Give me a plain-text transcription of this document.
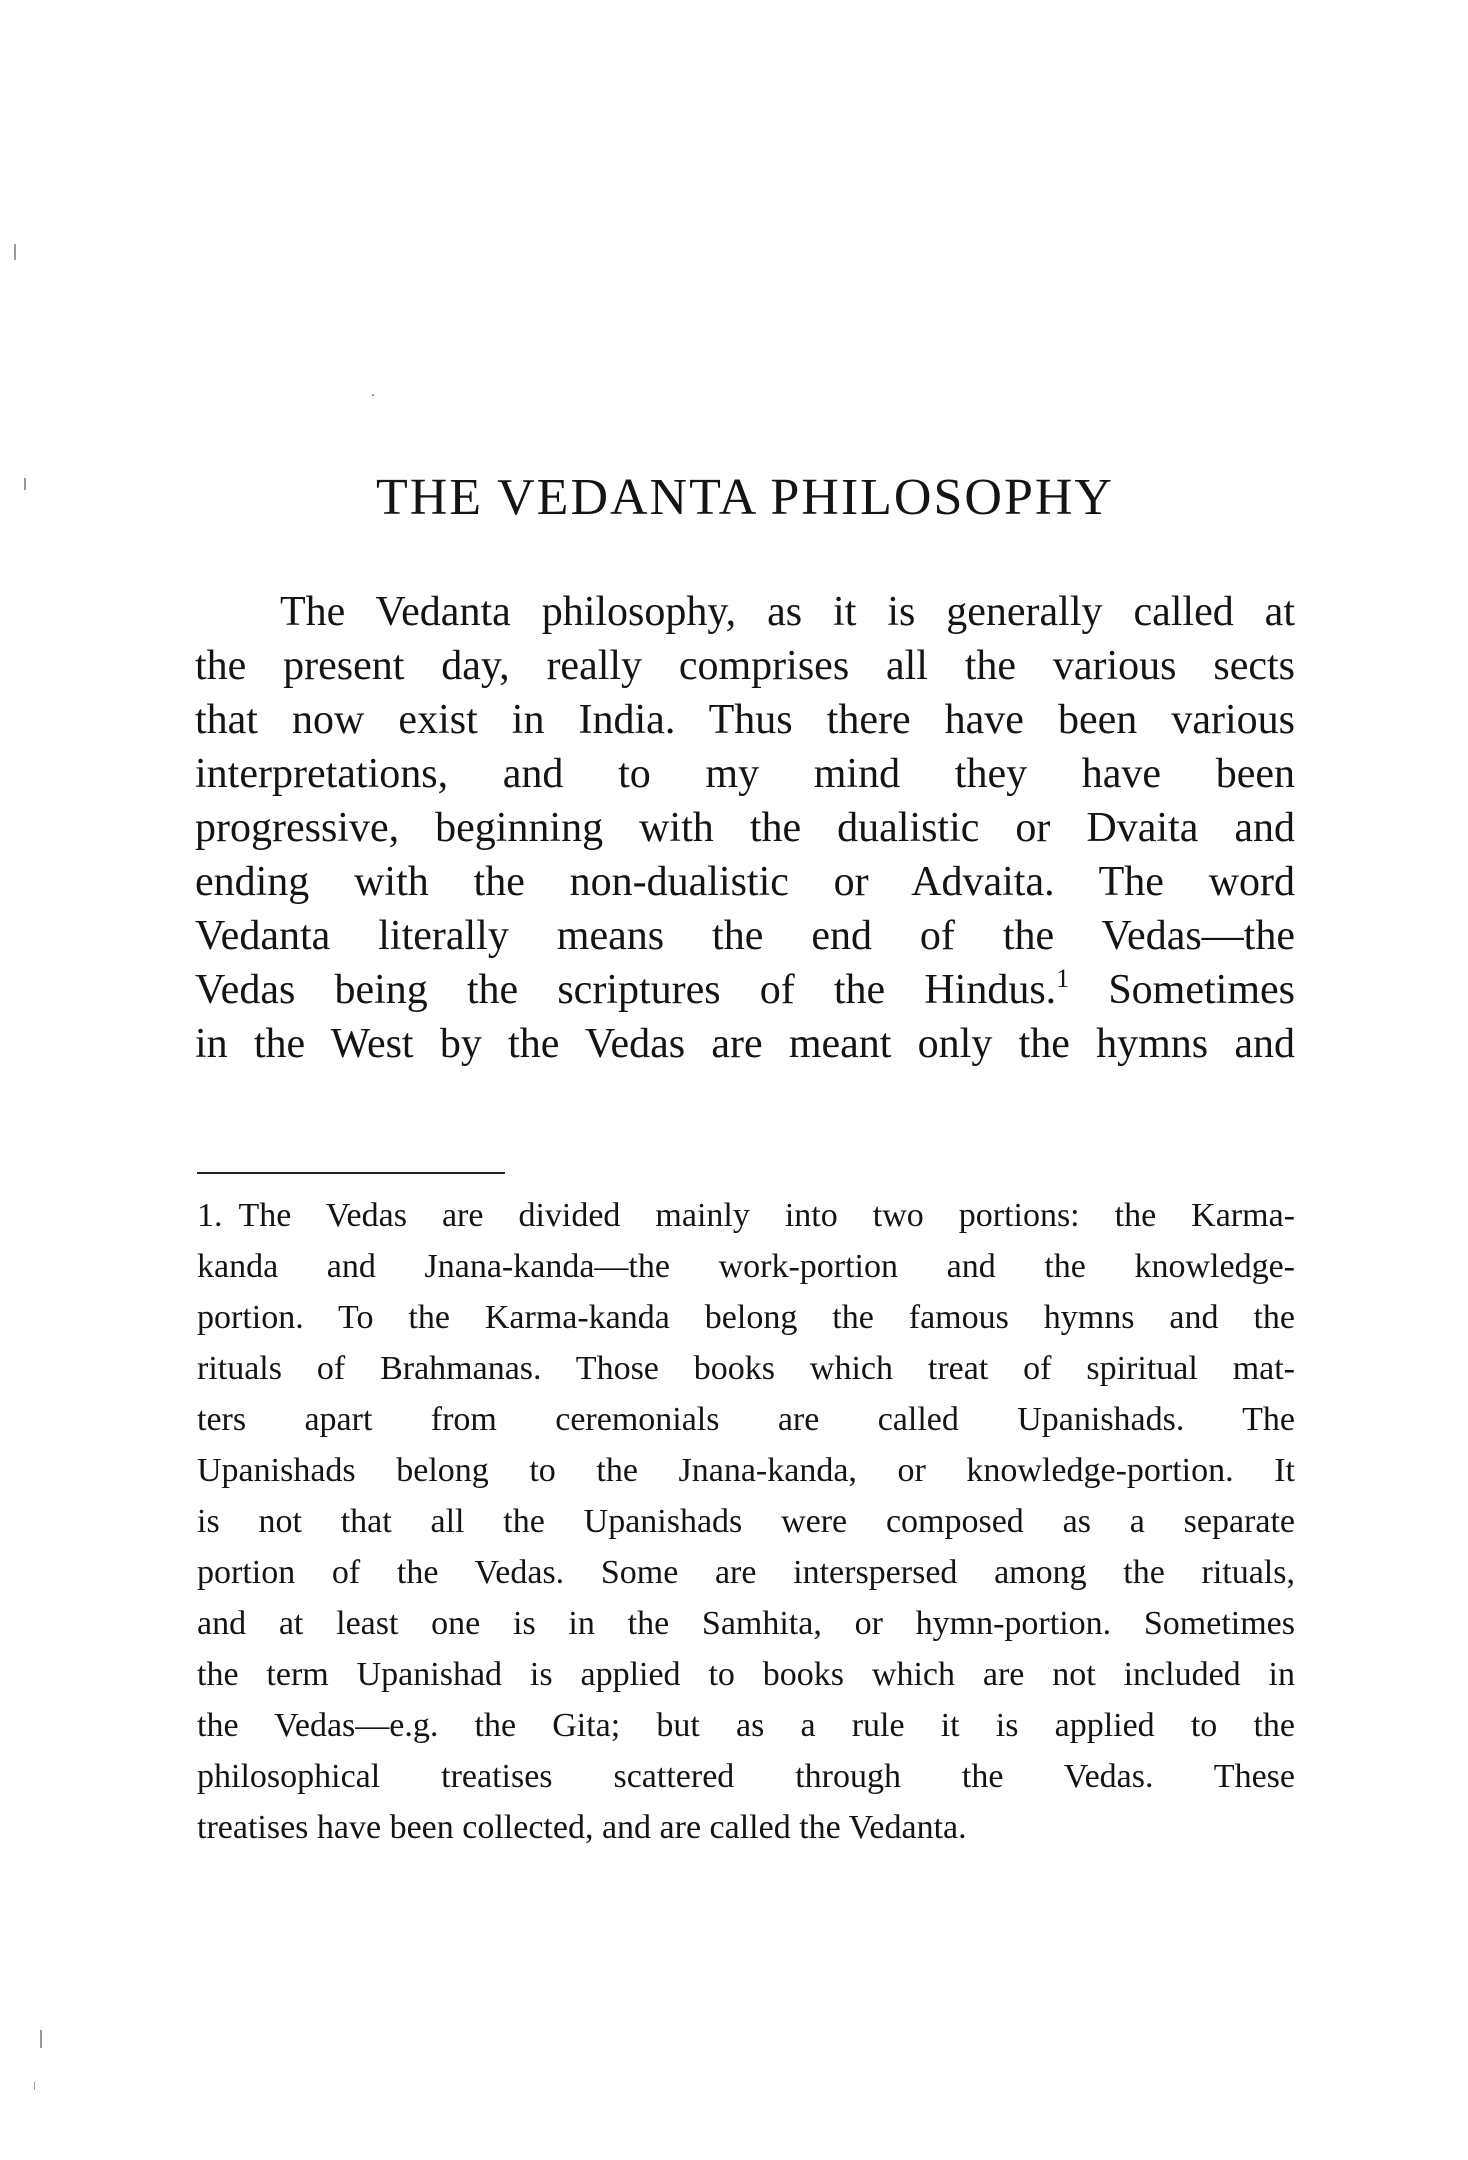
THE VEDANTA PHILOSOPHY
The Vedanta philosophy, as it is generally called at
the present day, really comprises all the various sects
that now exist in India. Thus there have been various
interpretations, and to my mind they have been
progressive, beginning with the dualistic or Dvaita and
ending with the non-dualistic or Advaita. The word
Vedanta literally means the end of the Vedas—the
Vedas being the scriptures of the Hindus.$^1$ Sometimes
in the West by the Vedas are meant only the hymns and
1. The Vedas are divided mainly into two portions: the Karma-
kanda and Jnana-kanda—the work-portion and the knowledge-
portion. To the Karma-kanda belong the famous hymns and the
rituals of Brahmanas. Those books which treat of spiritual mat-
ters apart from ceremonials are called Upanishads. The
Upanishads belong to the Jnana-kanda, or knowledge-portion. It
is not that all the Upanishads were composed as a separate
portion of the Vedas. Some are interspersed among the rituals,
and at least one is in the Samhita, or hymn-portion. Sometimes
the term Upanishad is applied to books which are not included in
the Vedas—e.g. the Gita; but as a rule it is applied to the
philosophical treatises scattered through the Vedas. These
treatises have been collected, and are called the Vedanta.
